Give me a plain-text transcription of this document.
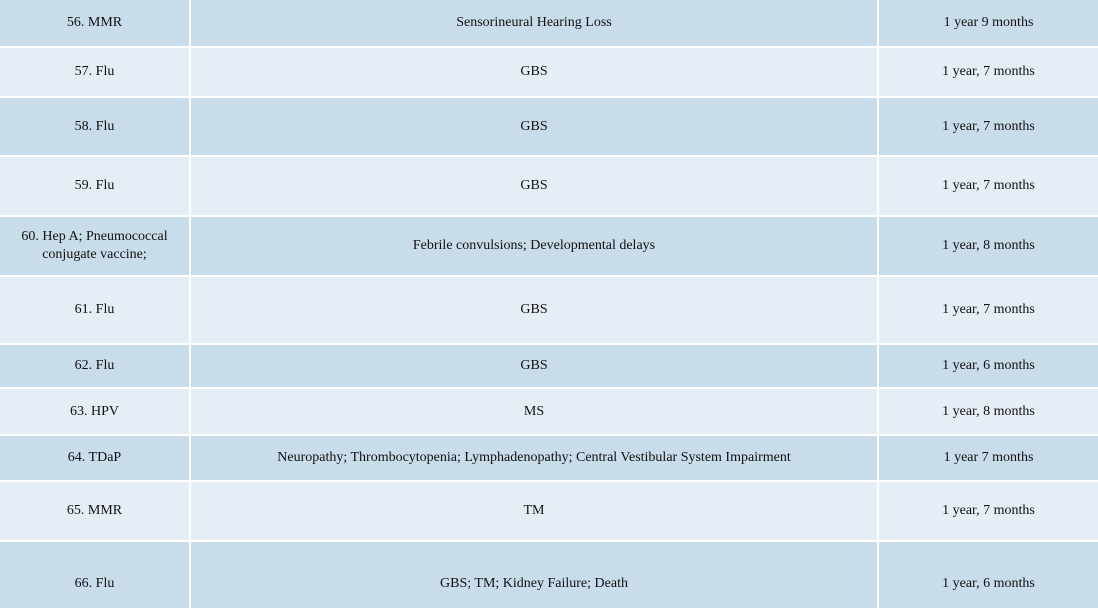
56. MMR	Sensorineural Hearing Loss	1 year 9 months
57. Flu	GBS	1 year, 7 months
58. Flu	GBS	1 year, 7 months
59. Flu	GBS	1 year, 7 months
60. Hep A; Pneumococcal conjugate vaccine;	Febrile convulsions; Developmental delays	1 year, 8 months
61. Flu	GBS	1 year, 7 months
62. Flu	GBS	1 year, 6 months
63. HPV	MS	1 year, 8 months
64. TDaP	Neuropathy; Thrombocytopenia; Lymphadenopathy; Central Vestibular System Impairment	1 year 7 months
65. MMR	TM	1 year, 7 months
66. Flu	GBS; TM; Kidney Failure; Death	1 year, 6 months
